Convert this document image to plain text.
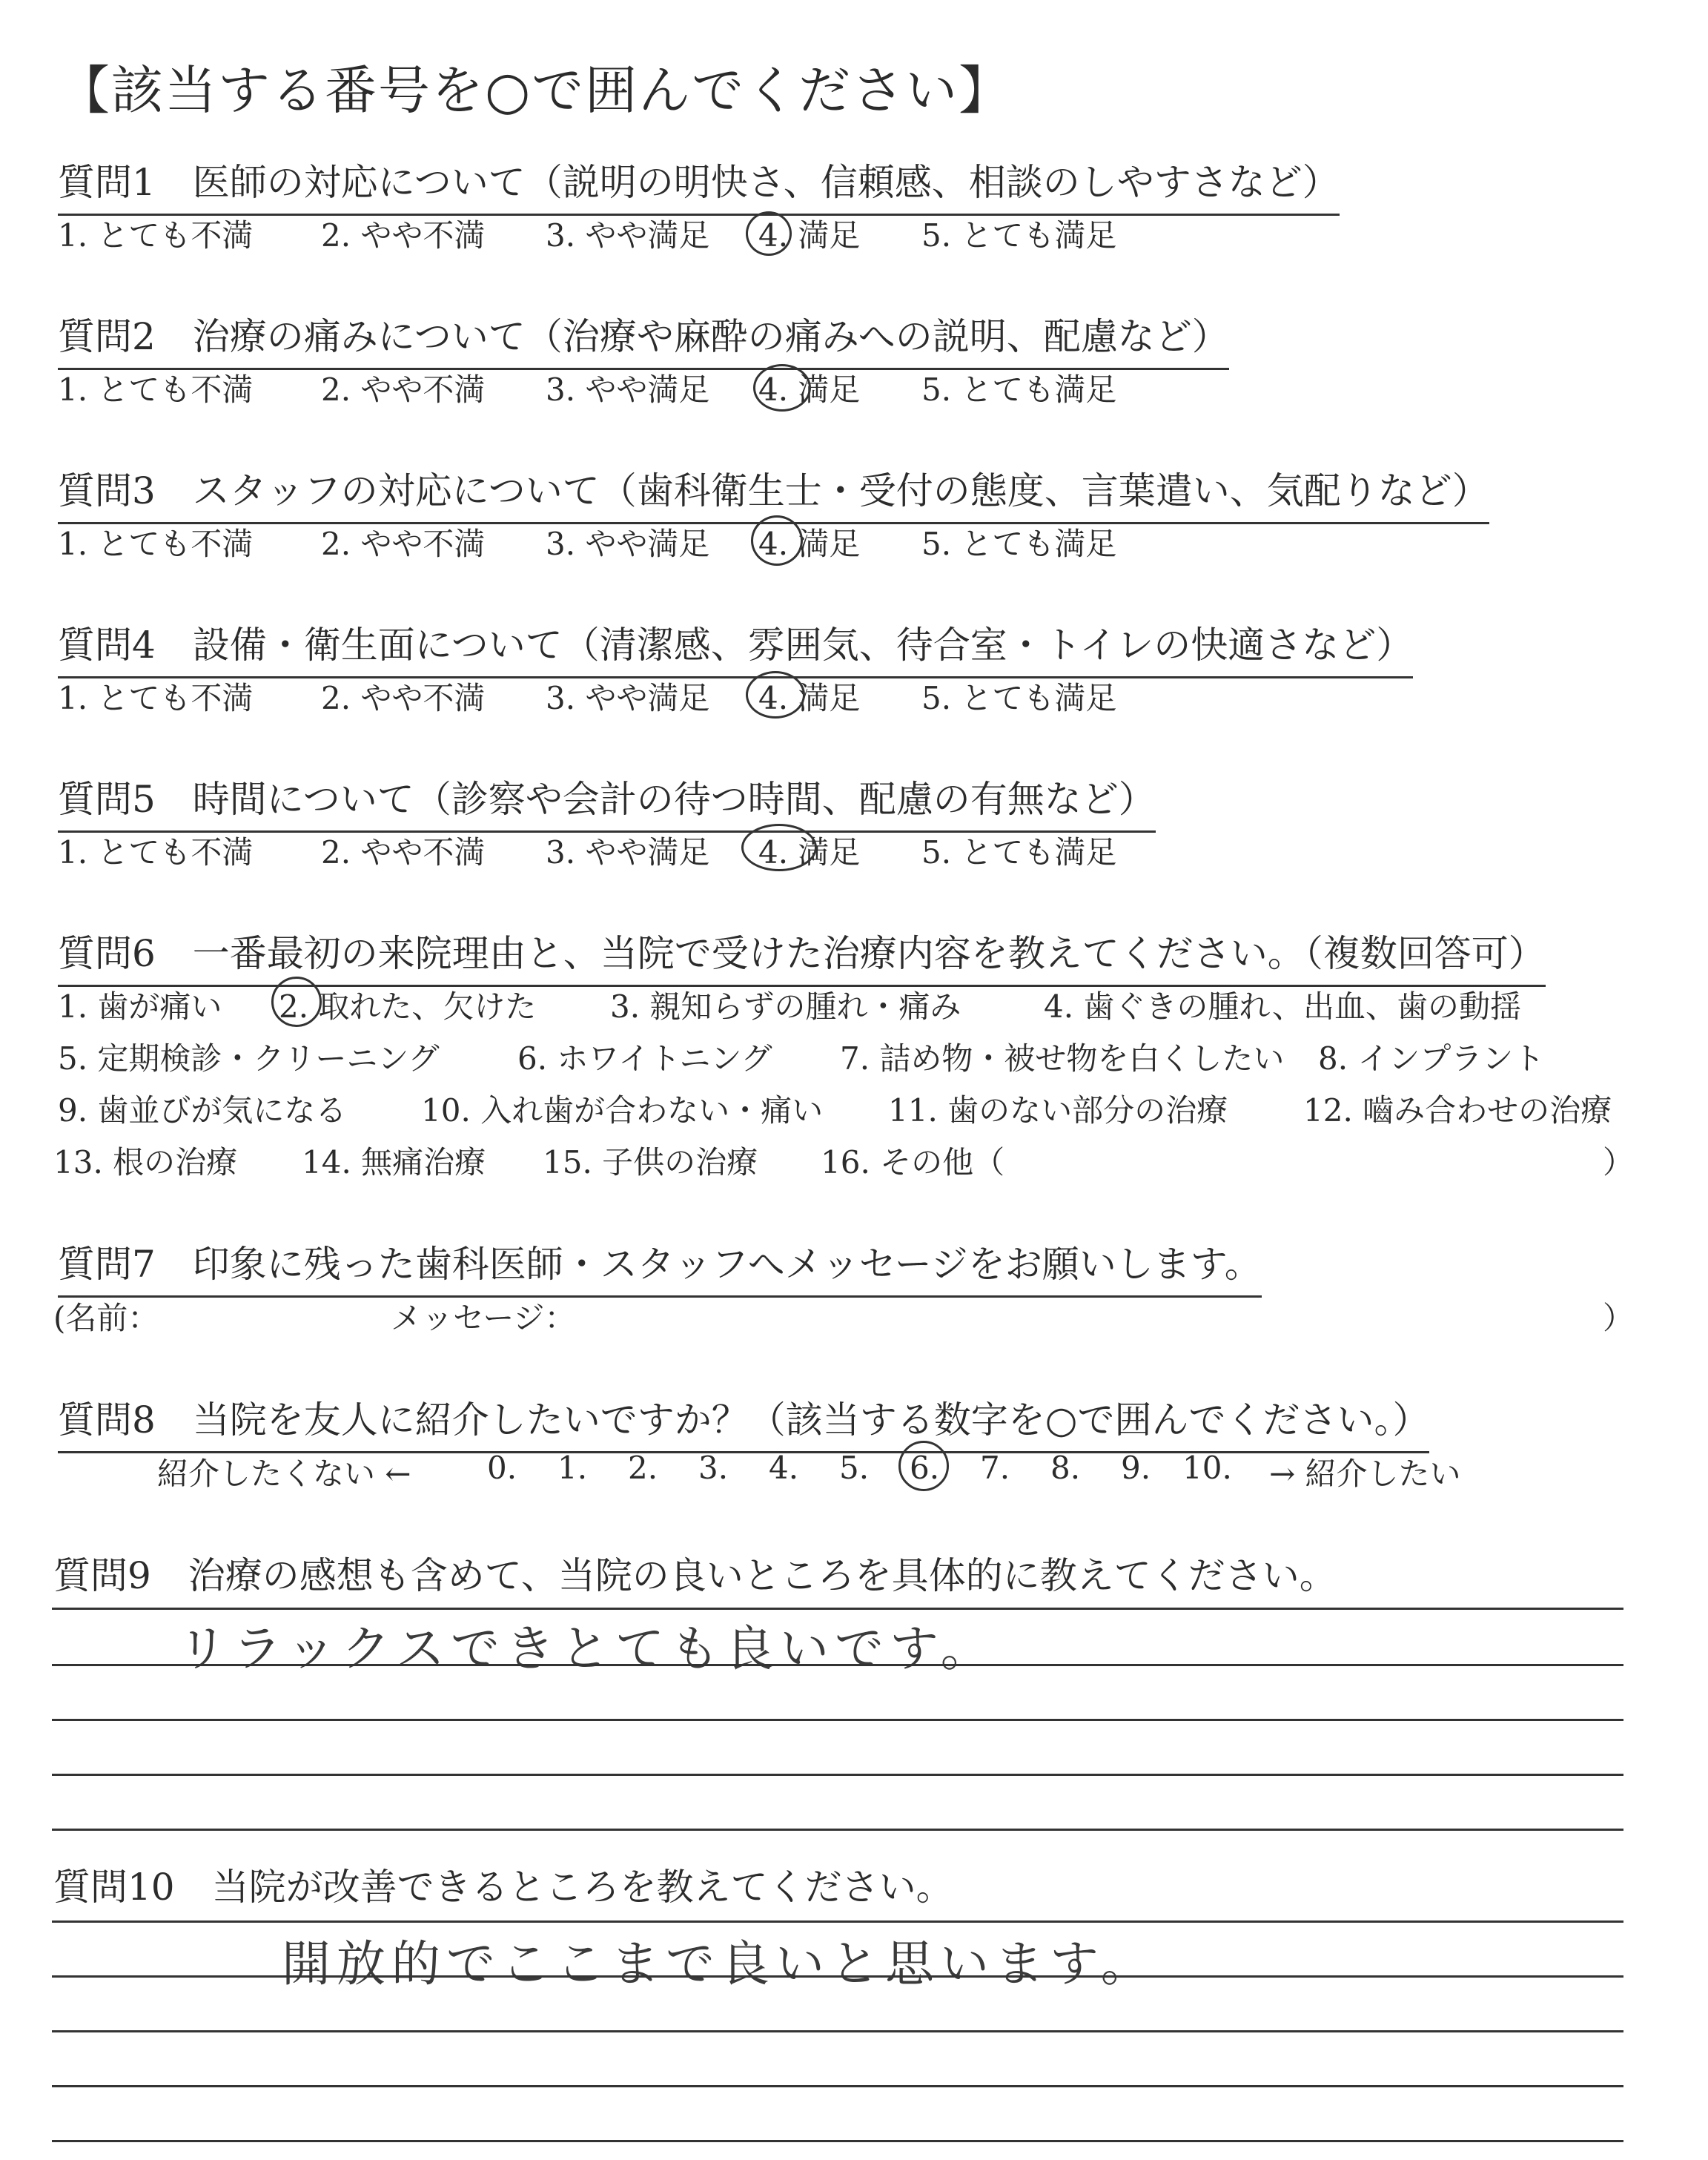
【該当する番号を○で囲んでください】
質問1　医師の対応について（説明の明快さ、信頼感、相談のしやすさなど）
1. とても不満 2. やや不満 3. やや満足 4. 満足 5. とても満足
質問2　治療の痛みについて（治療や麻酔の痛みへの説明、配慮など）
1. とても不満 2. やや不満 3. やや満足 4. 満足 5. とても満足
質問3　スタッフの対応について（歯科衛生士・受付の態度、言葉遣い、気配りなど）
1. とても不満 2. やや不満 3. やや満足 4. 満足 5. とても満足
質問4　設備・衛生面について（清潔感、雰囲気、待合室・トイレの快適さなど）
1. とても不満 2. やや不満 3. やや満足 4. 満足 5. とても満足
質問5　時間について（診察や会計の待つ時間、配慮の有無など）
1. とても不満 2. やや不満 3. やや満足 4. 満足 5. とても満足
質問6　一番最初の来院理由と、当院で受けた治療内容を教えてください。（複数回答可）
1. 歯が痛い 2. 取れた、欠けた 3. 親知らずの腫れ・痛み	4. 歯ぐきの腫れ、出血、歯の動揺
5. 定期検診・クリーニング	6. ホワイトニング 7. 詰め物・被せ物を白くしたい 8. インプラント
9. 歯並びが気になる 10. 入れ歯が合わない・痛い 11. 歯のない部分の治療 12. 嚙み合わせの治療
13. 根の治療 14. 無痛治療 15. 子供の治療 16. その他（	）
質問7　印象に残った歯科医師・スタッフへメッセージをお願いします。
(名前：	メッセージ：	）
質問8　当院を友人に紹介したいですか？（該当する数字を○で囲んでください。）
紹介したくない ← 0. 1. 2. 3. 4. 5. 6. 7. 8. 9. 10. → 紹介したい
質問9　治療の感想も含めて、当院の良いところを具体的に教えてください。
リラックスできとても良いです。
質問10　当院が改善できるところを教えてください。
開放的でここまで良いと思います。
